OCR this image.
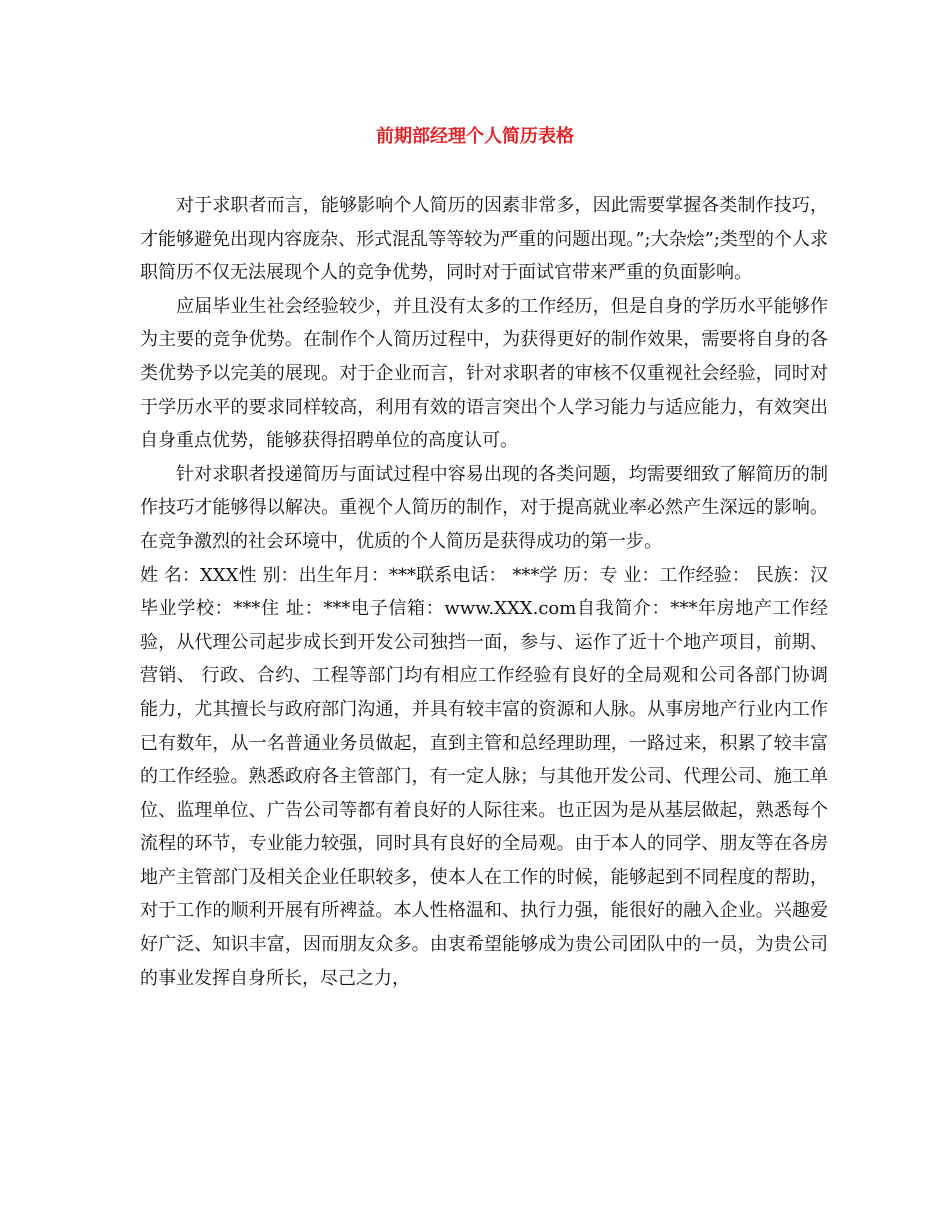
前期部经理个人简历表格

对于求职者而言，能够影响个人简历的因素非常多，因此需要掌握各类制作技巧，才能够避免出现内容庞杂、形式混乱等等较为严重的问题出现。”;大杂烩”;类型的个人求职简历不仅无法展现个人的竞争优势，同时对于面试官带来严重的负面影响。

应届毕业生社会经验较少，并且没有太多的工作经历，但是自身的学历水平能够作为主要的竞争优势。在制作个人简历过程中，为获得更好的制作效果，需要将自身的各类优势予以完美的展现。对于企业而言，针对求职者的审核不仅重视社会经验，同时对于学历水平的要求同样较高，利用有效的语言突出个人学习能力与适应能力，有效突出自身重点优势，能够获得招聘单位的高度认可。

针对求职者投递简历与面试过程中容易出现的各类问题，均需要细致了解简历的制作技巧才能够得以解决。重视个人简历的制作，对于提高就业率必然产生深远的影响。在竞争激烈的社会环境中，优质的个人简历是获得成功的第一步。

姓 名：XXX性 别：出生年月：***联系电话： ***学 历：专 业：工作经验： 民族：汉毕业学校：***住 址：***电子信箱：www.XXX.com自我简介：***年房地产工作经验，从代理公司起步成长到开发公司独挡一面，参与、运作了近十个地产项目，前期、营销、 行政、合约、工程等部门均有相应工作经验有良好的全局观和公司各部门协调能力，尤其擅长与政府部门沟通，并具有较丰富的资源和人脉。从事房地产行业内工作已有数年，从一名普通业务员做起，直到主管和总经理助理，一路过来，积累了较丰富的工作经验。熟悉政府各主管部门，有一定人脉；与其他开发公司、代理公司、施工单位、监理单位、广告公司等都有着良好的人际往来。也正因为是从基层做起，熟悉每个流程的环节，专业能力较强，同时具有良好的全局观。由于本人的同学、朋友等在各房地产主管部门及相关企业任职较多，使本人在工作的时候，能够起到不同程度的帮助，对于工作的顺利开展有所裨益。本人性格温和、执行力强，能很好的融入企业。兴趣爱好广泛、知识丰富，因而朋友众多。由衷希望能够成为贵公司团队中的一员，为贵公司的事业发挥自身所长，尽己之力，
